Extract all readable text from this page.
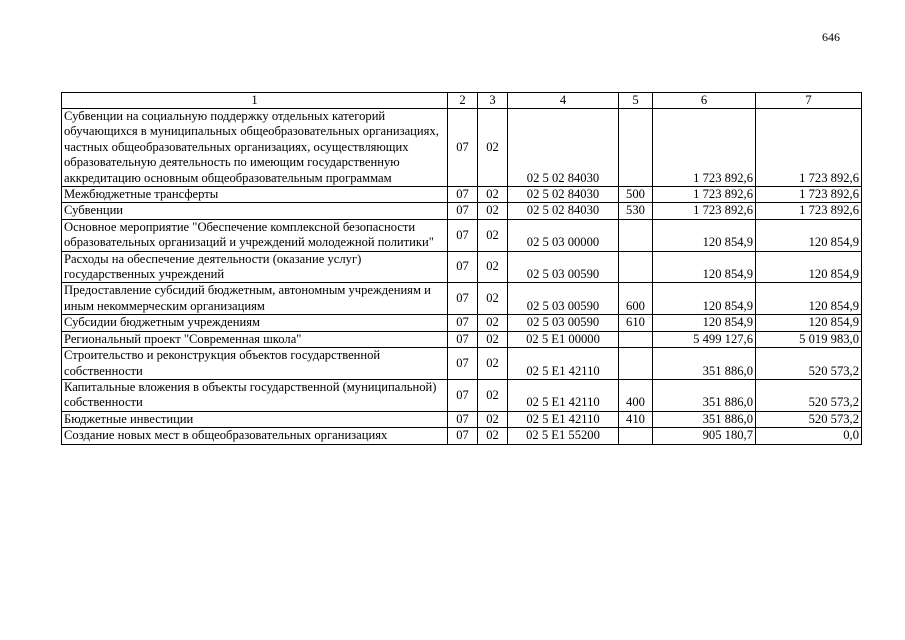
646
1	2	3	4	5	6	7
Субвенции на социальную поддержку отдельных категорий обучающихся в муниципальных общеобразовательных организациях, частных общеобразовательных организациях, осуществляющих образовательную деятельность по имеющим государственную аккредитацию основным общеобразовательным программам	07	02	02 5 02 84030		1 723 892,6	1 723 892,6
Межбюджетные трансферты	07	02	02 5 02 84030	500	1 723 892,6	1 723 892,6
Субвенции	07	02	02 5 02 84030	530	1 723 892,6	1 723 892,6
Основное мероприятие "Обеспечение комплексной безопасности образовательных организаций и учреждений молодежной политики"	07	02	02 5 03 00000		120 854,9	120 854,9
Расходы на обеспечение деятельности (оказание услуг) государственных учреждений	07	02	02 5 03 00590		120 854,9	120 854,9
Предоставление субсидий бюджетным, автономным учреждениям и иным некоммерческим организациям	07	02	02 5 03 00590	600	120 854,9	120 854,9
Субсидии бюджетным учреждениям	07	02	02 5 03 00590	610	120 854,9	120 854,9
Региональный проект "Современная школа"	07	02	02 5 E1 00000		5 499 127,6	5 019 983,0
Строительство и реконструкция объектов государственной собственности	07	02	02 5 E1 42110		351 886,0	520 573,2
Капитальные вложения в объекты государственной (муниципальной) собственности	07	02	02 5 E1 42110	400	351 886,0	520 573,2
Бюджетные инвестиции	07	02	02 5 E1 42110	410	351 886,0	520 573,2
Создание новых мест в общеобразовательных организациях	07	02	02 5 E1 55200		905 180,7	0,0
